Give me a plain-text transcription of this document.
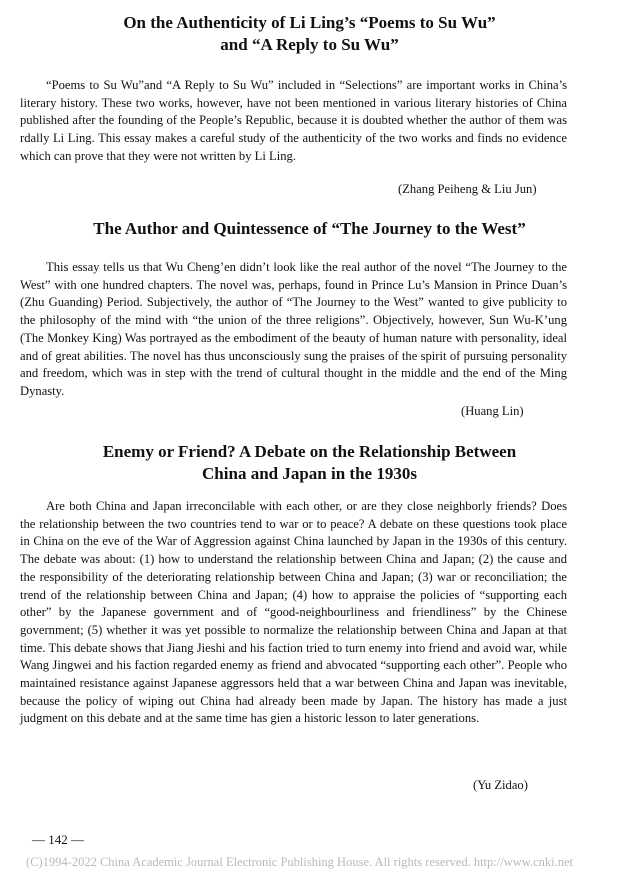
On the Authenticity of Li Ling’s “Poems to Su Wu”
and “A Reply to Su Wu”

“Poems to Su Wu”and “A Reply to Su Wu” included in “Selections” are important works in China’s literary history. These two works, however, have not been mentioned in various literary histories of China published after the founding of the People’s Republic, because it is doubted whether the author of them was rdally Li Ling. This essay makes a careful study of the authenticity of the two works and finds no evidence which can prove that they were not written by Li Ling.

(Zhang Peiheng & Liu Jun)
The Author and Quintessence of “The Journey to the West”

This essay tells us that Wu Cheng’en didn’t look like the real author of the novel “The Journey to the West” with one hundred chapters. The novel was, perhaps, found in Prince Lu’s Mansion in Prince Duan’s (Zhu Guanding) Period. Subjectively, the author of “The Journey to the West” wanted to give publicity to the philosophy of the mind with “the union of the three religions”. Objectively, however, Sun Wu-K’ung (The Monkey King) Was portrayed as the embodiment of the beauty of human nature with personality, ideal and of great abilities. The novel has thus unconsciously sung the praises of the spirit of pursuing personality and freedom, which was in step with the trend of cultural thought in the middle and the end of the Ming Dynasty.

(Huang Lin)
Enemy or Friend? A Debate on the Relationship Between
China and Japan in the 1930s

Are both China and Japan irreconcilable with each other, or are they close neighborly friends? Does the relationship between the two countries tend to war or to peace? A debate on these questions took place in China on the eve of the War of Aggression against China launched by Japan in the 1930s of this century. The debate was about: (1) how to understand the relationship between China and Japan; (2) the cause and the responsibility of the deteriorating relationship between China and Japan; (3) war or reconciliation; the trend of the relationship between China and Japan; (4) how to appraise the policies of “supporting each other” by the Japanese government and of “good-neighbourliness and friendliness” by the Chinese government; (5) whether it was yet possible to normalize the relationship between China and Japan at that time. This debate shows that Jiang Jieshi and his faction tried to turn enemy into friend and avoid war, while Wang Jingwei and his faction regarded enemy as friend and abvocated “supporting each other”. People who maintained resistance against Japanese aggressors held that a war between China and Japan was inevitable, because the policy of wiping out China had already been made by Japan. The history has made a just judgment on this debate and at the same time has gien a historic lesson to later generations.

(Yu Zidao)
— 142 —
(C)1994-2022 China Academic Journal Electronic Publishing House. All rights reserved. http://www.cnki.net
